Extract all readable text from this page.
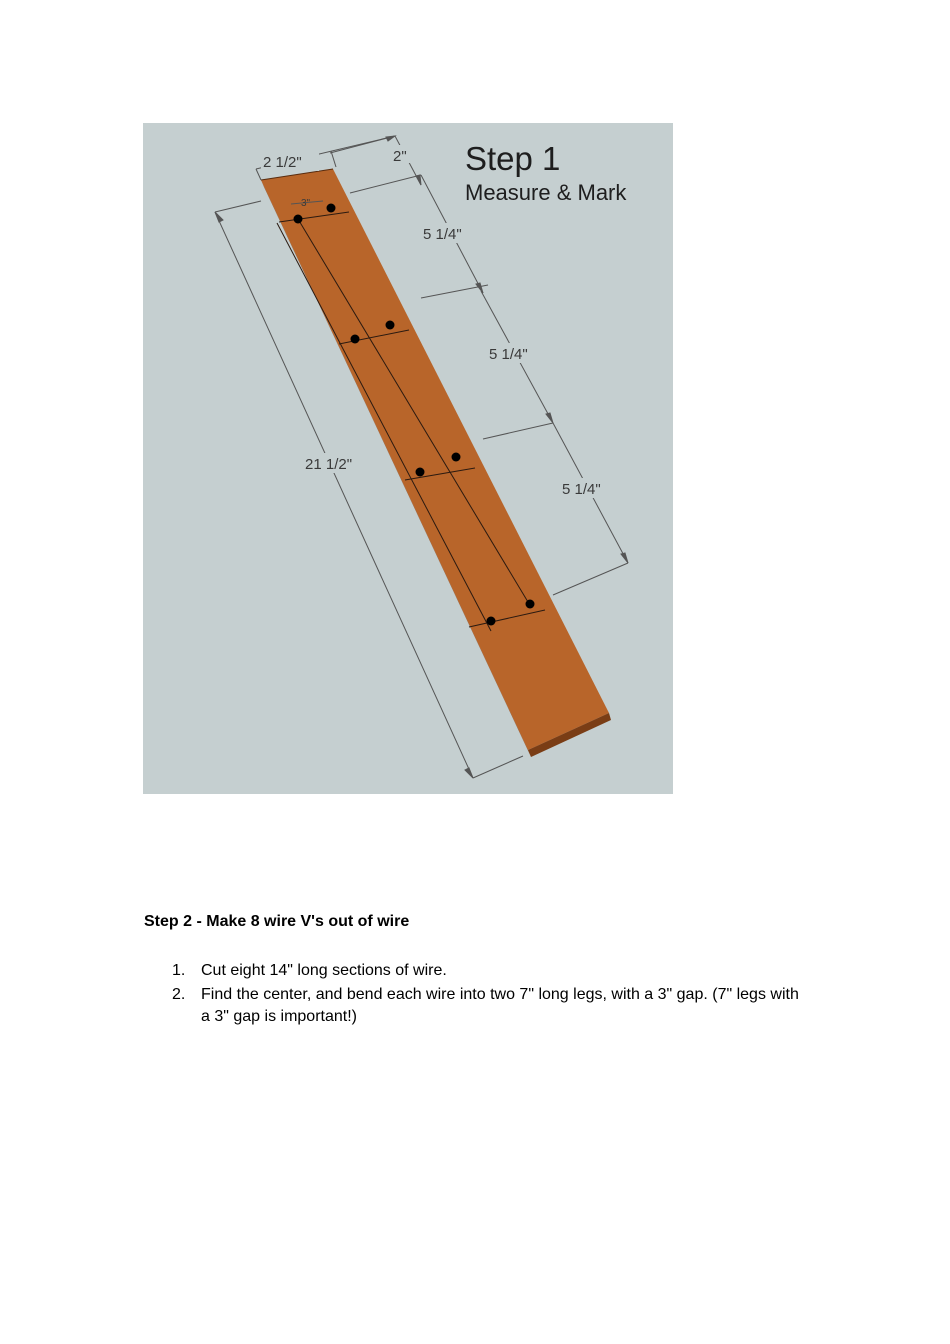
2 1/2"	2"
3"
5 1/4"
5 1/4"
5 1/4"
21 1/2"
Step 1
Measure & Mark
Step 2 - Make 8 wire V's out of wire
1. Cut eight 14" long sections of wire.
2. Find the center, and bend each wire into two 7" long legs, with a 3" gap. (7" legs with a 3" gap is important!)
